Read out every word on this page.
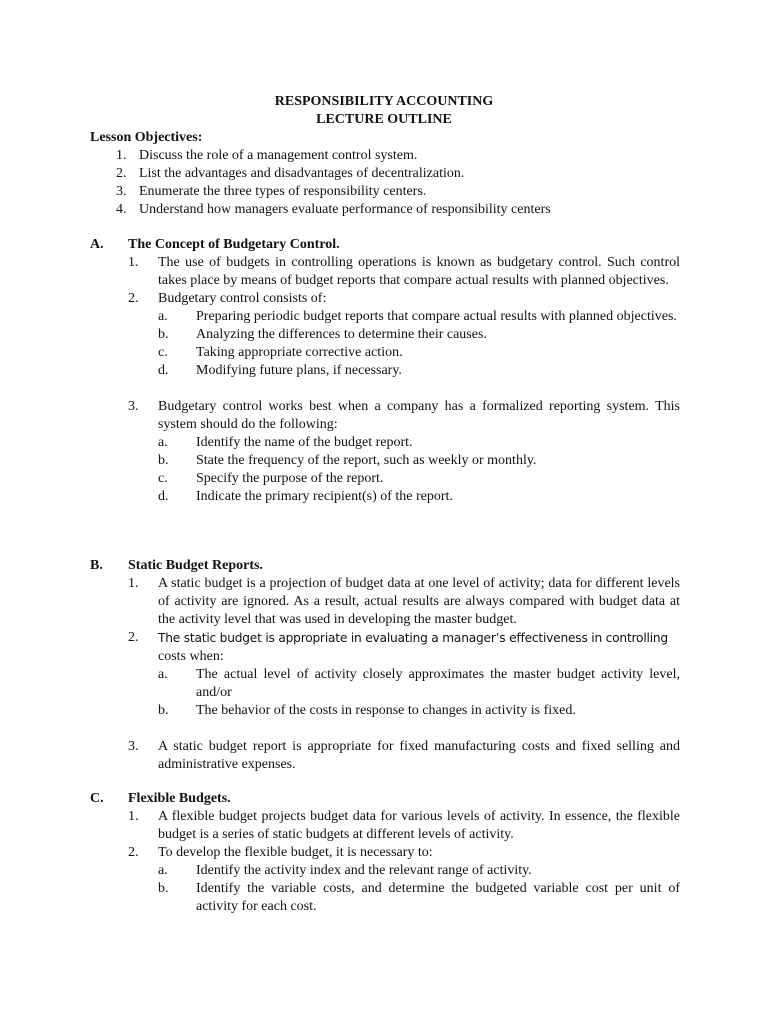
RESPONSIBILITY ACCOUNTING
LECTURE OUTLINE
Lesson Objectives:
1. Discuss the role of a management control system.
2. List the advantages and disadvantages of decentralization.
3. Enumerate the three types of responsibility centers.
4. Understand how managers evaluate performance of responsibility centers
A.	The Concept of Budgetary Control.
1.	The use of budgets in controlling operations is known as budgetary control. Such control takes place by means of budget reports that compare actual results with planned objectives.
2.	Budgetary control consists of:
a.	Preparing periodic budget reports that compare actual results with planned objectives.
b.	Analyzing the differences to determine their causes.
c.	Taking appropriate corrective action.
d.	Modifying future plans, if necessary.
3.	Budgetary control works best when a company has a formalized reporting system. This system should do the following:
a.	Identify the name of the budget report.
b.	State the frequency of the report, such as weekly or monthly.
c.	Specify the purpose of the report.
d.	Indicate the primary recipient(s) of the report.
B.	Static Budget Reports.
1.	A static budget is a projection of budget data at one level of activity; data for different levels of activity are ignored. As a result, actual results are always compared with budget data at the activity level that was used in developing the master budget.
2.	The static budget is appropriate in evaluating a manager’s effectiveness in controlling
costs when:
a.	The actual level of activity closely approximates the master budget activity level, and/or
b.	The behavior of the costs in response to changes in activity is fixed.
3.	A static budget report is appropriate for fixed manufacturing costs and fixed selling and administrative expenses.
C.	Flexible Budgets.
1.	A flexible budget projects budget data for various levels of activity. In essence, the flexible budget is a series of static budgets at different levels of activity.
2.	To develop the flexible budget, it is necessary to:
a.	Identify the activity index and the relevant range of activity.
b.	Identify the variable costs, and determine the budgeted variable cost per unit of activity for each cost.
